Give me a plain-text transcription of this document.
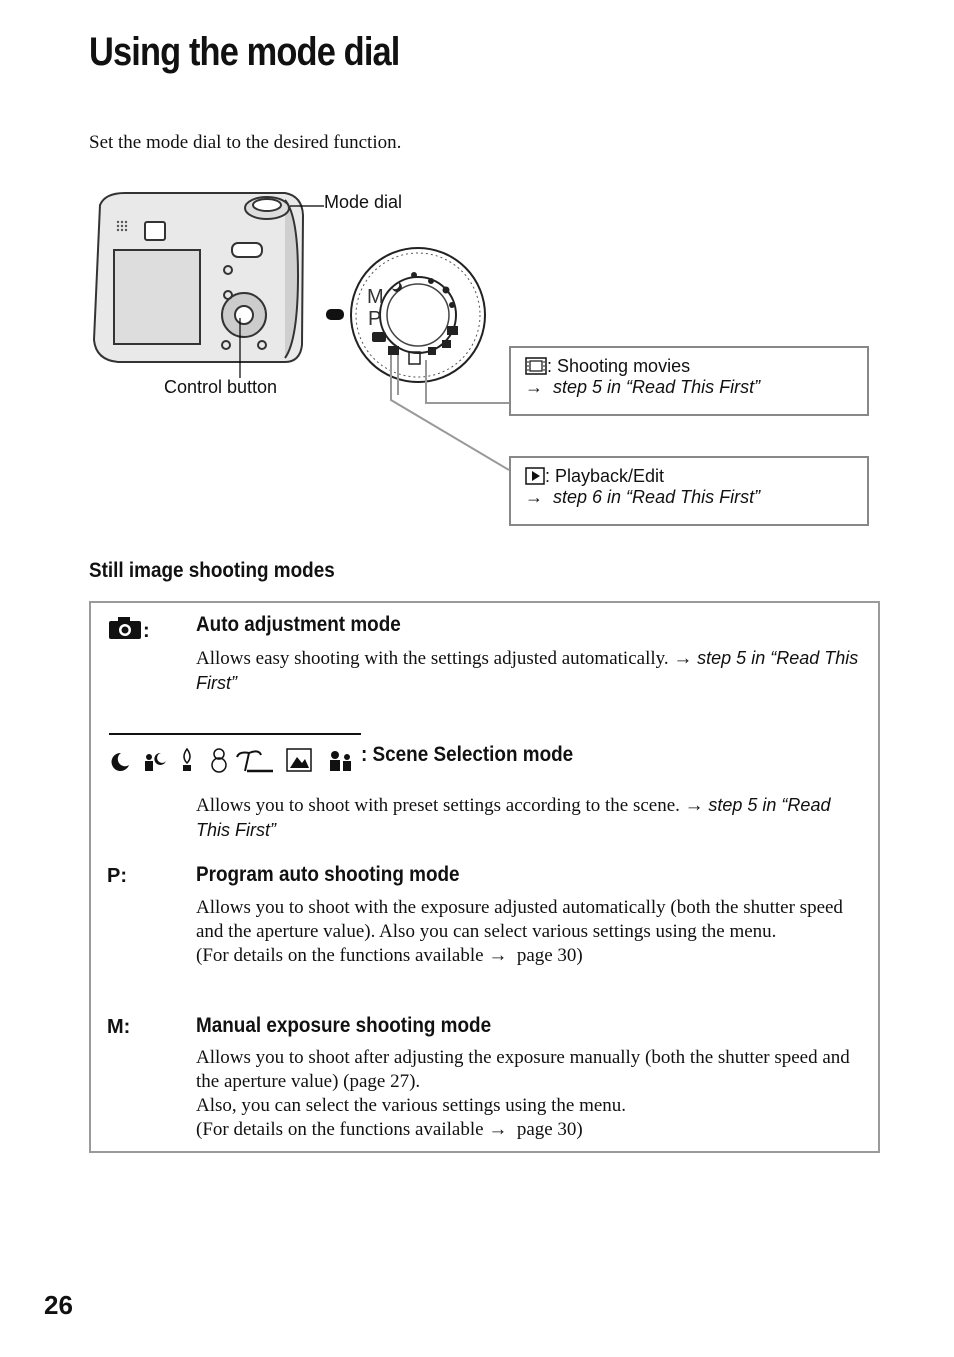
Using the mode dial
Set the mode dial to the desired function.
M
P
Mode dial
Control button
: Shooting movies
→ step 5 in “Read This First”
: Playback/Edit
→ step 6 in “Read This First”
Still image shooting modes
: Auto adjustment mode
Allows easy shooting with the settings adjusted automatically. → step 5 in “Read This First”
: Scene Selection mode
Allows you to shoot with preset settings according to the scene. → step 5 in “Read This First”
P:	Program auto shooting mode
Allows you to shoot with the exposure adjusted automatically (both the shutter speed and the aperture value). Also you can select various settings using the menu.
(For details on the functions available → page 30)
M:	Manual exposure shooting mode
Allows you to shoot after adjusting the exposure manually (both the shutter speed and the aperture value) (page 27).
Also, you can select the various settings using the menu.
(For details on the functions available → page 30)
26
